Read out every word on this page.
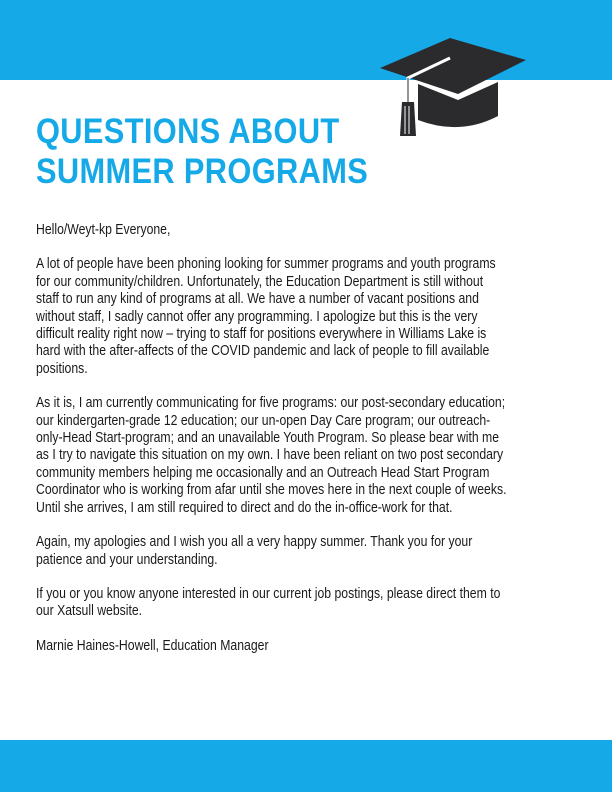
QUESTIONS ABOUT
SUMMER PROGRAMS

Hello/Weyt-kp Everyone,

A lot of people have been phoning looking for summer programs and youth programs
for our community/children. Unfortunately, the Education Department is still without
staff to run any kind of programs at all. We have a number of vacant positions and
without staff, I sadly cannot offer any programming. I apologize but this is the very
difficult reality right now – trying to staff for positions everywhere in Williams Lake is
hard with the after-affects of the COVID pandemic and lack of people to fill available
positions.

As it is, I am currently communicating for five programs: our post-secondary education;
our kindergarten-grade 12 education; our un-open Day Care program; our outreach-
only-Head Start-program; and an unavailable Youth Program. So please bear with me
as I try to navigate this situation on my own. I have been reliant on two post secondary
community members helping me occasionally and an Outreach Head Start Program
Coordinator who is working from afar until she moves here in the next couple of weeks.
Until she arrives, I am still required to direct and do the in-office-work for that.

Again, my apologies and I wish you all a very happy summer. Thank you for your
patience and your understanding.

If you or you know anyone interested in our current job postings, please direct them to
our Xatsull website.

Marnie Haines-Howell, Education Manager
